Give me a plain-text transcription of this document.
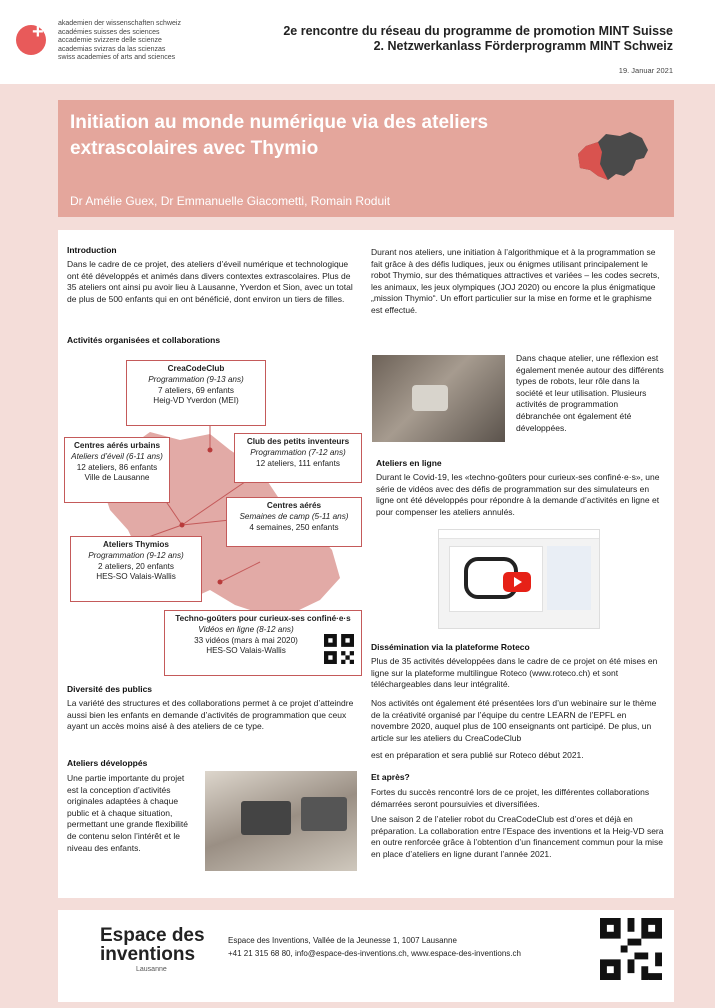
+ akademien der wissenschaften schweiz
académies suisses des sciences
accademie svizzere delle scienze
academias svizras da las scienzas
swiss academies of arts and sciences
2e rencontre du réseau du programme de promotion MINT Suisse
2. Netzwerkanlass Förderprogramm MINT Schweiz
19. Januar 2021
Initiation au monde numérique via des ateliers extrascolaires avec Thymio
Dr Amélie Guex, Dr Emmanuelle Giacometti, Romain Roduit
Introduction
Dans le cadre de ce projet, des ateliers d’éveil numérique et technologique ont été développés et animés dans divers contextes extrascolaires. Plus de 35 ateliers ont ainsi pu avoir lieu à Lausanne, Yverdon et Sion, avec un total de plus de 500 enfants qui en ont bénéficié, dont environ un tiers de filles.
Durant nos ateliers, une initiation à l’algorithmique et à la programmation se fait grâce à des défis ludiques, jeux ou énigmes utilisant principalement le robot Thymio, sur des thématiques attractives et variées – les codes secrets, les animaux, les jeux olympiques (JOJ 2020) ou encore la plus énigmatique „mission Thymio“. Un effort particulier sur la mise en forme et le graphisme est effectué.
Activités organisées et collaborations
CreaCodeClub
Programmation (9-13 ans)
7 ateliers, 69 enfants
Heig-VD Yverdon (MEI)
Centres aérés urbains
Ateliers d’éveil (6-11 ans)
12 ateliers, 86 enfants
Ville de Lausanne
Club des petits inventeurs
Programmation (7-12 ans)
12 ateliers, 111 enfants
Centres aérés
Semaines de camp (5-11 ans)
4 semaines, 250 enfants
Ateliers Thymios
Programmation (9-12 ans)
2 ateliers, 20 enfants
HES-SO Valais-Wallis
Techno-goûters pour curieux-ses confiné·e·s
Vidéos en ligne (8-12 ans)
33 vidéos (mars à mai 2020)
HES-SO Valais-Wallis
Dans chaque atelier, une réflexion est également menée autour des différents types de robots, leur rôle dans la société et leur utilisation. Plusieurs activités de programmation débranchée ont également été développées.
Ateliers en ligne
Durant le Covid-19, les «techno-goûters pour curieux-ses confiné·e·s», une série de vidéos avec des défis de programmation sur des simulateurs en ligne ont été développés pour répondre à la demande d’activités en ligne et pour compenser les ateliers annulés.
Diversité des publics
La variété des structures et des collaborations permet à ce projet d’atteindre aussi bien les enfants en demande d’activités de programmation que ceux ayant un accès moins aisé à des ateliers de ce type.
Ateliers développés
Une partie importante du projet est la conception d’activités originales adaptées à chaque public et à chaque situation, permettant une grande flexibilité de contenu selon l’intérêt et le niveau des enfants.
Dissémination via la plateforme Roteco
Plus de 35 activités développées dans le cadre de ce projet on été mises en ligne sur la plateforme multilingue Roteco (www.roteco.ch) et sont téléchargeables dans leur intégralité.
Nos activités ont également été présentées lors d’un webinaire sur le thème de la créativité organisé par l’équipe du centre LEARN de l’EPFL en novembre 2020, auquel plus de 100 enseignants ont participé. De plus, un article sur les ateliers du CreaCodeClub
est en préparation et sera publié sur Roteco début 2021.
Et après?
Fortes du succès rencontré lors de ce projet, les différentes collaborations démarrées seront poursuivies et diversifiées.
Une saison 2 de l’atelier robot du CreaCodeClub est d’ores et déjà en préparation. La collaboration entre l’Espace des inventions et la Heig-VD sera en outre renforcée grâce à l’obtention d’un financement commun pour la mise en place d’ateliers en ligne durant l’année 2021.
Espace des
inventions
Lausanne
Espace des Inventions, Vallée de la Jeunesse 1, 1007 Lausanne
+41 21 315 68 80, info@espace-des-inventions.ch, www.espace-des-inventions.ch
